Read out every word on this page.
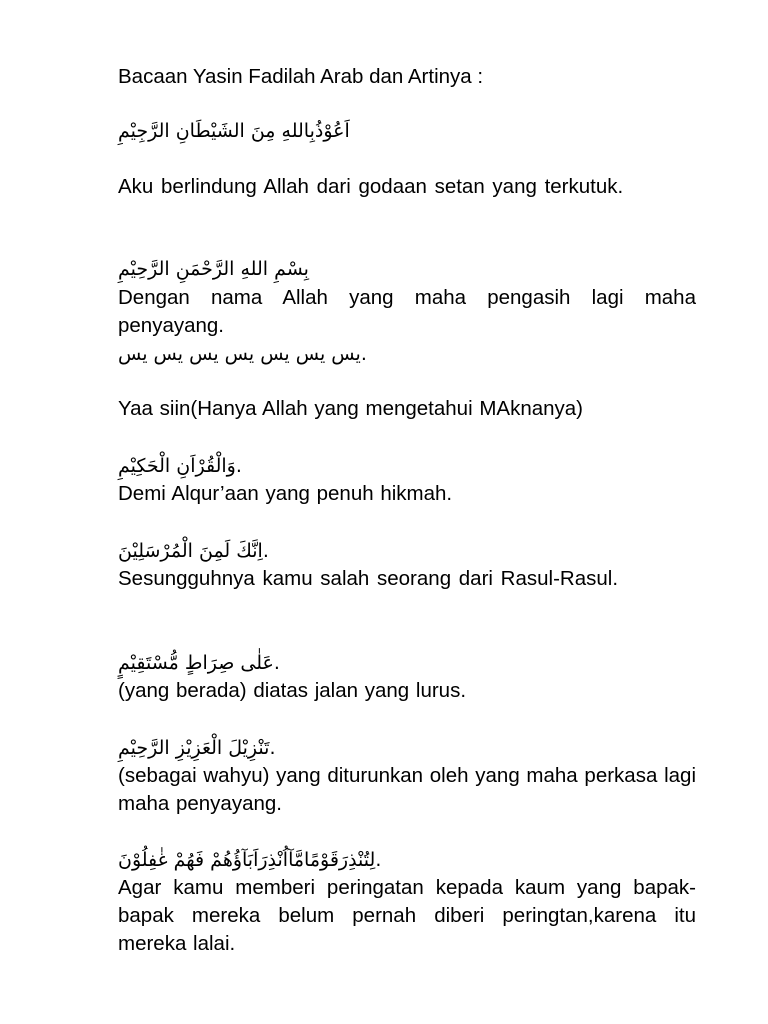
Bacaan Yasin Fadilah Arab dan Artinya :
اَعُوْذُبِاللهِ مِنَ الشَيْطَانِ الرَّجِيْمِ
Aku berlindung Allah dari godaan setan yang terkutuk.
بِسْمِ اللهِ الرَّحْمَنِ الرَّحِيْمِ
Dengan nama Allah yang maha pengasih lagi maha penyayang.
يس يس يس يس يس يس يس.
Yaa siin(Hanya Allah yang mengetahui MAknanya)
وَالْقُرْاَنِ الْحَكِيْمِ.
Demi Alqur’aan yang penuh hikmah.
اِنَّكَ لَمِنَ الْمُرْسَلِيْنَ.
Sesungguhnya kamu salah seorang dari Rasul-Rasul.
عَلٰى صِرَاطٍ مُّسْتَقِيْمٍ.
(yang berada) diatas jalan yang lurus.
تَنْزِيْلَ الْعَزِيْزِ الرَّحِيْمِ.
(sebagai wahyu) yang diturunkan oleh yang maha perkasa lagi maha penyayang.
لِتُنْذِرَقَوْمًامَّآاُنْذِرَاَبَآؤُهُمْ فَهُمْ غٰفِلُوْنَ.
Agar kamu memberi peringatan kepada kaum yang bapak-bapak mereka belum pernah diberi peringtan,karena itu mereka lalai.
